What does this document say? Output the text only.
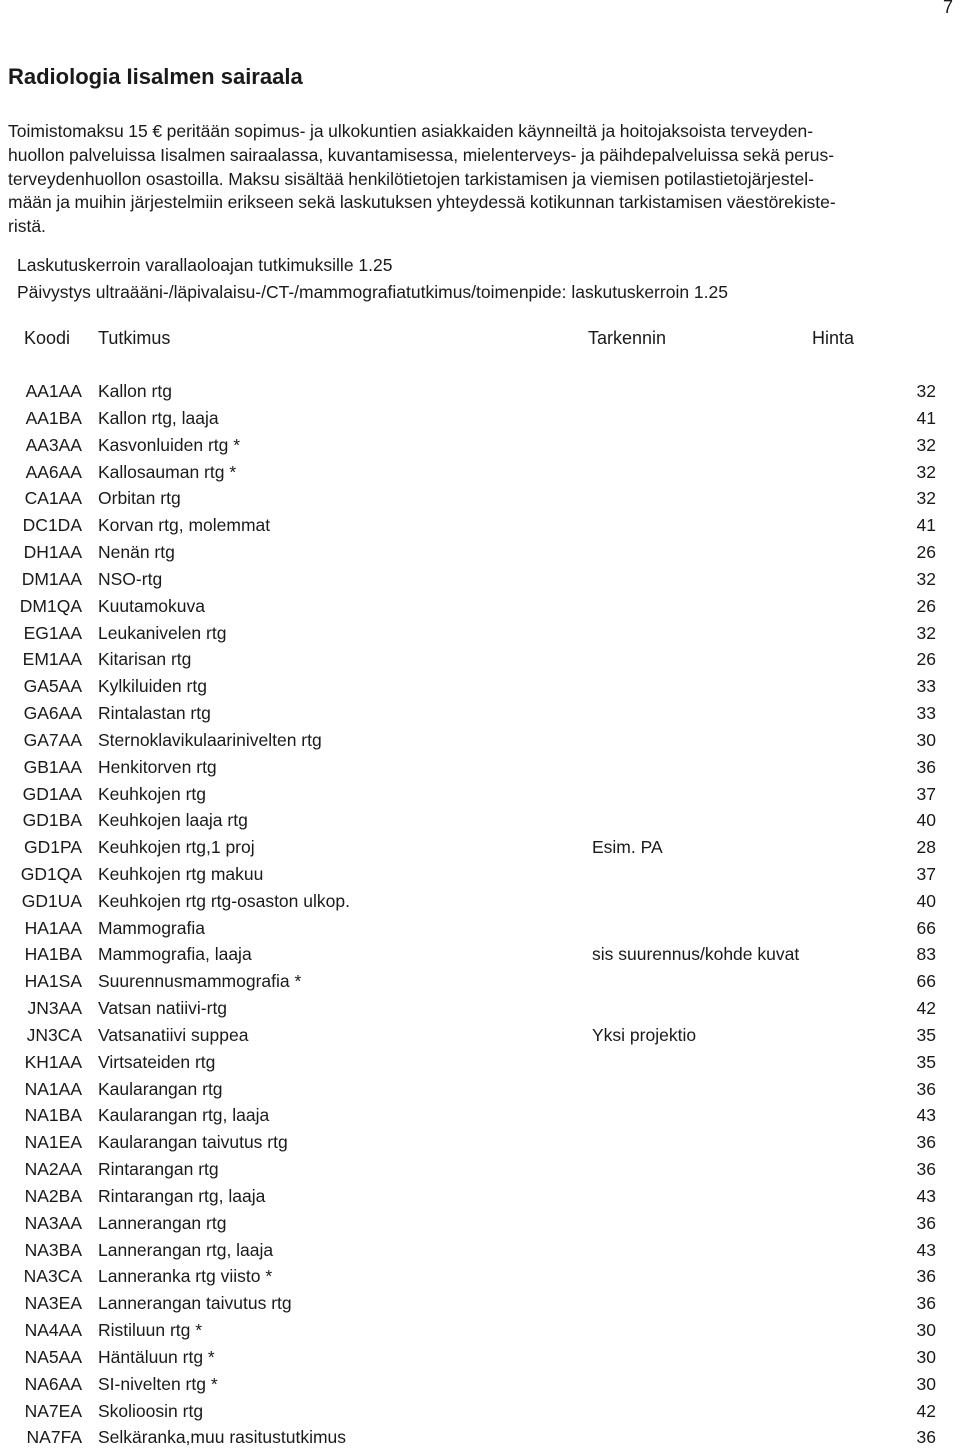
7
Radiologia Iisalmen sairaala
Toimistomaksu 15 € peritään sopimus- ja ulkokuntien asiakkaiden käynneiltä ja hoitojaksoista terveyden-
huollon palveluissa Iisalmen sairaalassa, kuvantamisessa, mielenterveys- ja päihdepalveluissa sekä perus-
terveydenhuollon osastoilla. Maksu sisältää henkilötietojen tarkistamisen ja viemisen potilastietojärjestel-
mään ja muihin järjestelmiin erikseen sekä laskutuksen yhteydessä kotikunnan tarkistamisen väestörekiste-
ristä.
Laskutuskerroin varallaoloajan tutkimuksille 1.25
Päivystys ultraääni-/läpivalaisu-/CT-/mammografiatutkimus/toimenpide: laskutuskerroin 1.25
Koodi Tutkimus	Tarkennin	Hinta
AA1AA Kallon rtg	32
AA1BA Kallon rtg, laaja	41
AA3AA Kasvonluiden rtg *	32
AA6AA Kallosauman rtg *	32
CA1AA Orbitan rtg	32
DC1DA Korvan rtg, molemmat	41
DH1AA Nenän rtg	26
DM1AA NSO-rtg	32
DM1QA Kuutamokuva	26
EG1AA Leukanivelen rtg	32
EM1AA Kitarisan rtg	26
GA5AA Kylkiluiden rtg	33
GA6AA Rintalastan rtg	33
GA7AA Sternoklavikulaarinivelten rtg	30
GB1AA Henkitorven rtg	36
GD1AA Keuhkojen rtg	37
GD1BA Keuhkojen laaja rtg	40
GD1PA Keuhkojen rtg,1 proj	Esim. PA	28
GD1QA Keuhkojen rtg makuu	37
GD1UA Keuhkojen rtg rtg-osaston ulkop.	40
HA1AA Mammografia	66
HA1BA Mammografia, laaja	sis suurennus/kohde kuvat	83
HA1SA Suurennusmammografia *	66
JN3AA Vatsan natiivi-rtg	42
JN3CA Vatsanatiivi suppea	Yksi projektio	35
KH1AA Virtsateiden rtg	35
NA1AA Kaularangan rtg	36
NA1BA Kaularangan rtg, laaja	43
NA1EA Kaularangan taivutus rtg	36
NA2AA Rintarangan rtg	36
NA2BA Rintarangan rtg, laaja	43
NA3AA Lannerangan rtg	36
NA3BA Lannerangan rtg, laaja	43
NA3CA Lanneranka rtg viisto *	36
NA3EA Lannerangan taivutus rtg	36
NA4AA Ristiluun rtg *	30
NA5AA Häntäluun rtg *	30
NA6AA SI-nivelten rtg *	30
NA7EA Skolioosin rtg	42
NA7FA Selkäranka,muu rasitustutkimus	36
